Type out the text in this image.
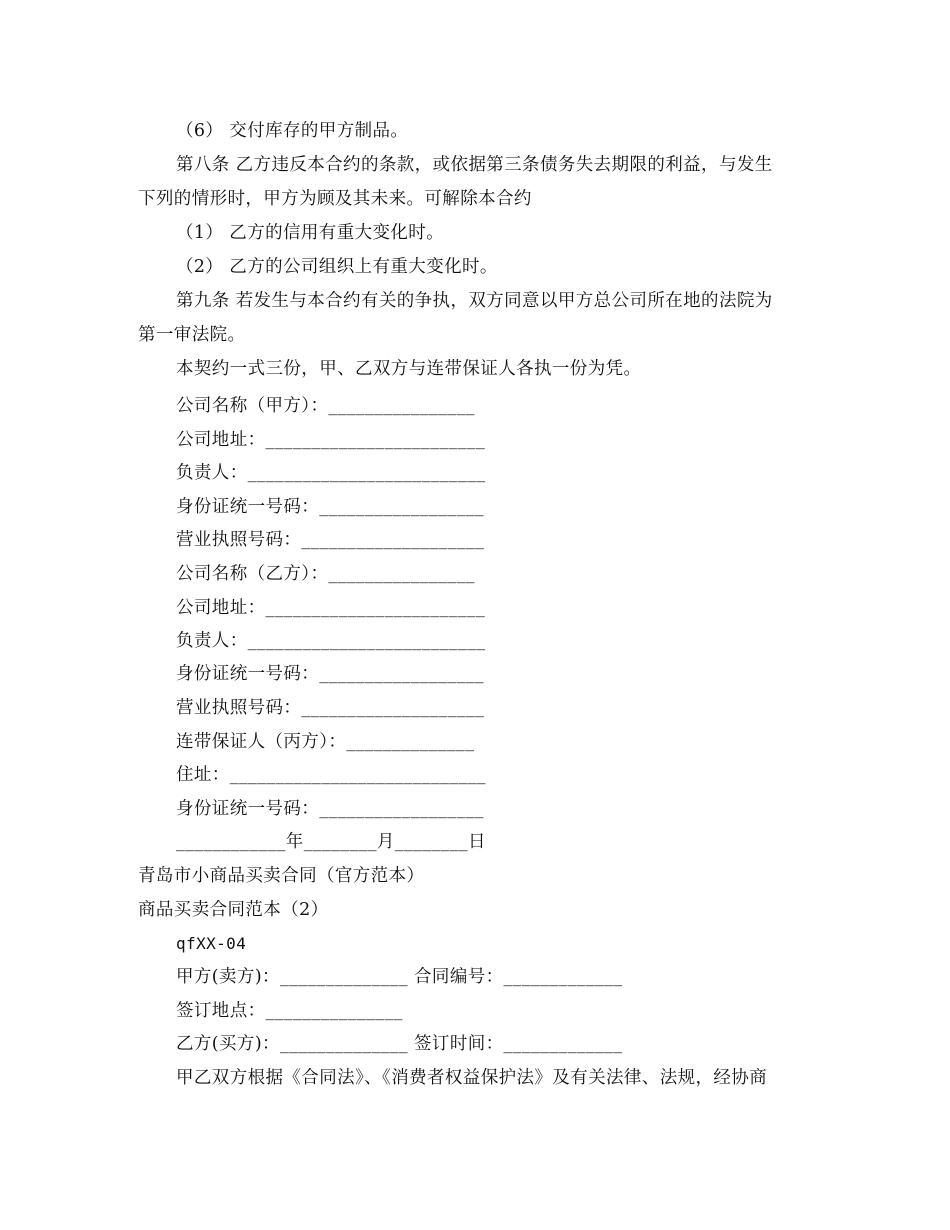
（6） 交付库存的甲方制品。
第八条 乙方违反本合约的条款，或依据第三条债务失去期限的利益，与发生
下列的情形时，甲方为顾及其未来。可解除本合约
（1） 乙方的信用有重大变化时。
（2） 乙方的公司组织上有重大变化时。
第九条 若发生与本合约有关的争执，双方同意以甲方总公司所在地的法院为
第一审法院。
本契约一式三份，甲、乙双方与连带保证人各执一份为凭。
公司名称（甲方）：________________
公司地址：________________________
负责人：__________________________
身份证统一号码：__________________
营业执照号码：____________________
公司名称（乙方）：________________
公司地址：________________________
负责人：__________________________
身份证统一号码：__________________
营业执照号码：____________________
连带保证人（丙方）：______________
住址：____________________________
身份证统一号码：__________________
____________年________月________日
青岛市小商品买卖合同（官方范本）
商品买卖合同范本（2）
qfXX-04
甲方(卖方)：______________ 合同编号：_____________
签订地点：_______________
乙方(买方)：______________ 签订时间：_____________
甲乙双方根据《合同法》、《消费者权益保护法》及有关法律、法规，经协商
